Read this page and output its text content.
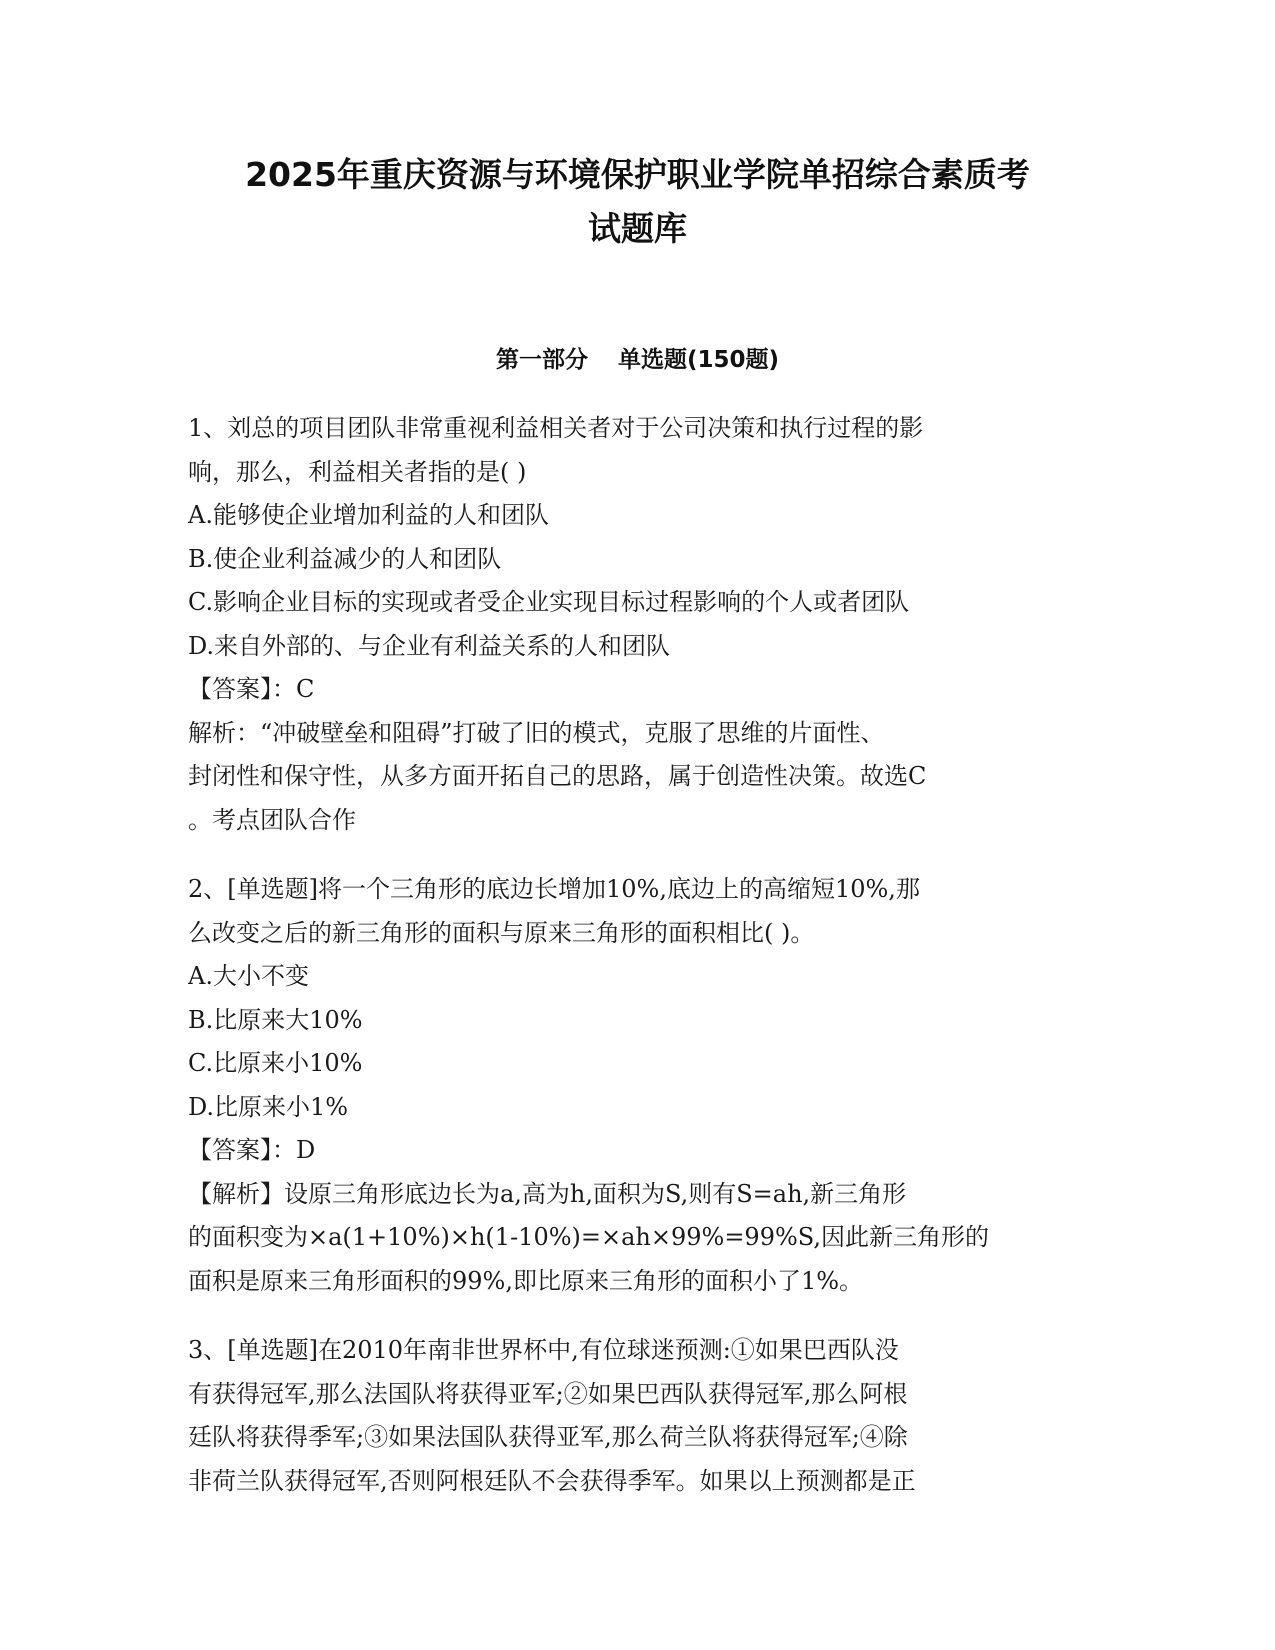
2025年重庆资源与环境保护职业学院单招综合素质考
试题库
第一部分 单选题(150题)
1、刘总的项目团队非常重视利益相关者对于公司决策和执行过程的影
响，那么，利益相关者指的是( )
A.能够使企业增加利益的人和团队
B.使企业利益减少的人和团队
C.影响企业目标的实现或者受企业实现目标过程影响的个人或者团队
D.来自外部的、与企业有利益关系的人和团队
【答案】：C
解析：“冲破壁垒和阻碍”打破了旧的模式，克服了思维的片面性、
封闭性和保守性，从多方面开拓自己的思路，属于创造性决策。故选C
。考点团队合作
2、[单选题]将一个三角形的底边长增加10%,底边上的高缩短10%,那
么改变之后的新三角形的面积与原来三角形的面积相比( )。
A.大小不变
B.比原来大10%
C.比原来小10%
D.比原来小1%
【答案】：D
【解析】设原三角形底边长为a,高为h,面积为S,则有S=ah,新三角形
的面积变为×a(1+10%)×h(1-10%)=×ah×99%=99%S,因此新三角形的
面积是原来三角形面积的99%,即比原来三角形的面积小了1%。
3、[单选题]在2010年南非世界杯中,有位球迷预测:①如果巴西队没
有获得冠军,那么法国队将获得亚军;②如果巴西队获得冠军,那么阿根
廷队将获得季军;③如果法国队获得亚军,那么荷兰队将获得冠军;④除
非荷兰队获得冠军,否则阿根廷队不会获得季军。如果以上预测都是正
